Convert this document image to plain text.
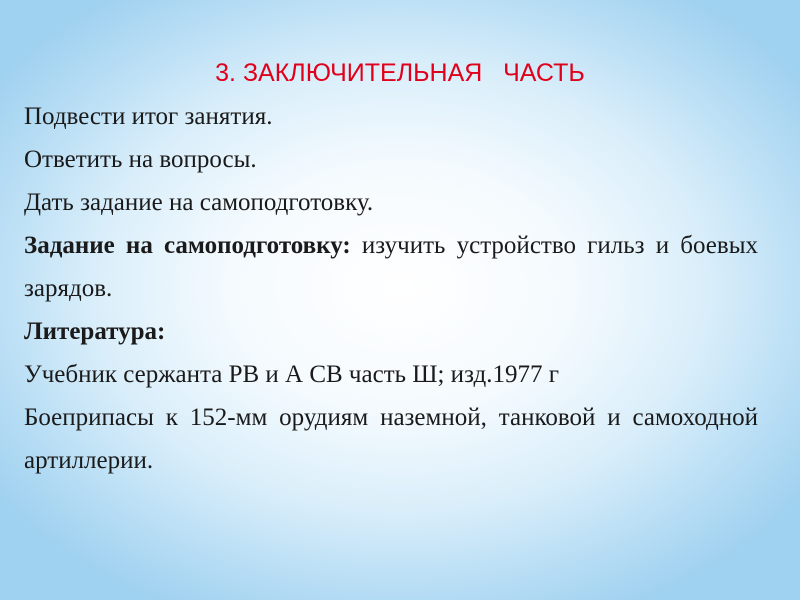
3. ЗАКЛЮЧИТЕЛЬНАЯ   ЧАСТЬ

Подвести итог занятия.

Ответить на вопросы.

Дать задание на самоподготовку.

Задание на самоподготовку: изучить устройство гильз и боевых зарядов.

Литература:

Учебник сержанта РВ и А СВ часть Ш; изд.1977 г

Боеприпасы к 152-мм орудиям наземной, танковой и самоходной артиллерии.
